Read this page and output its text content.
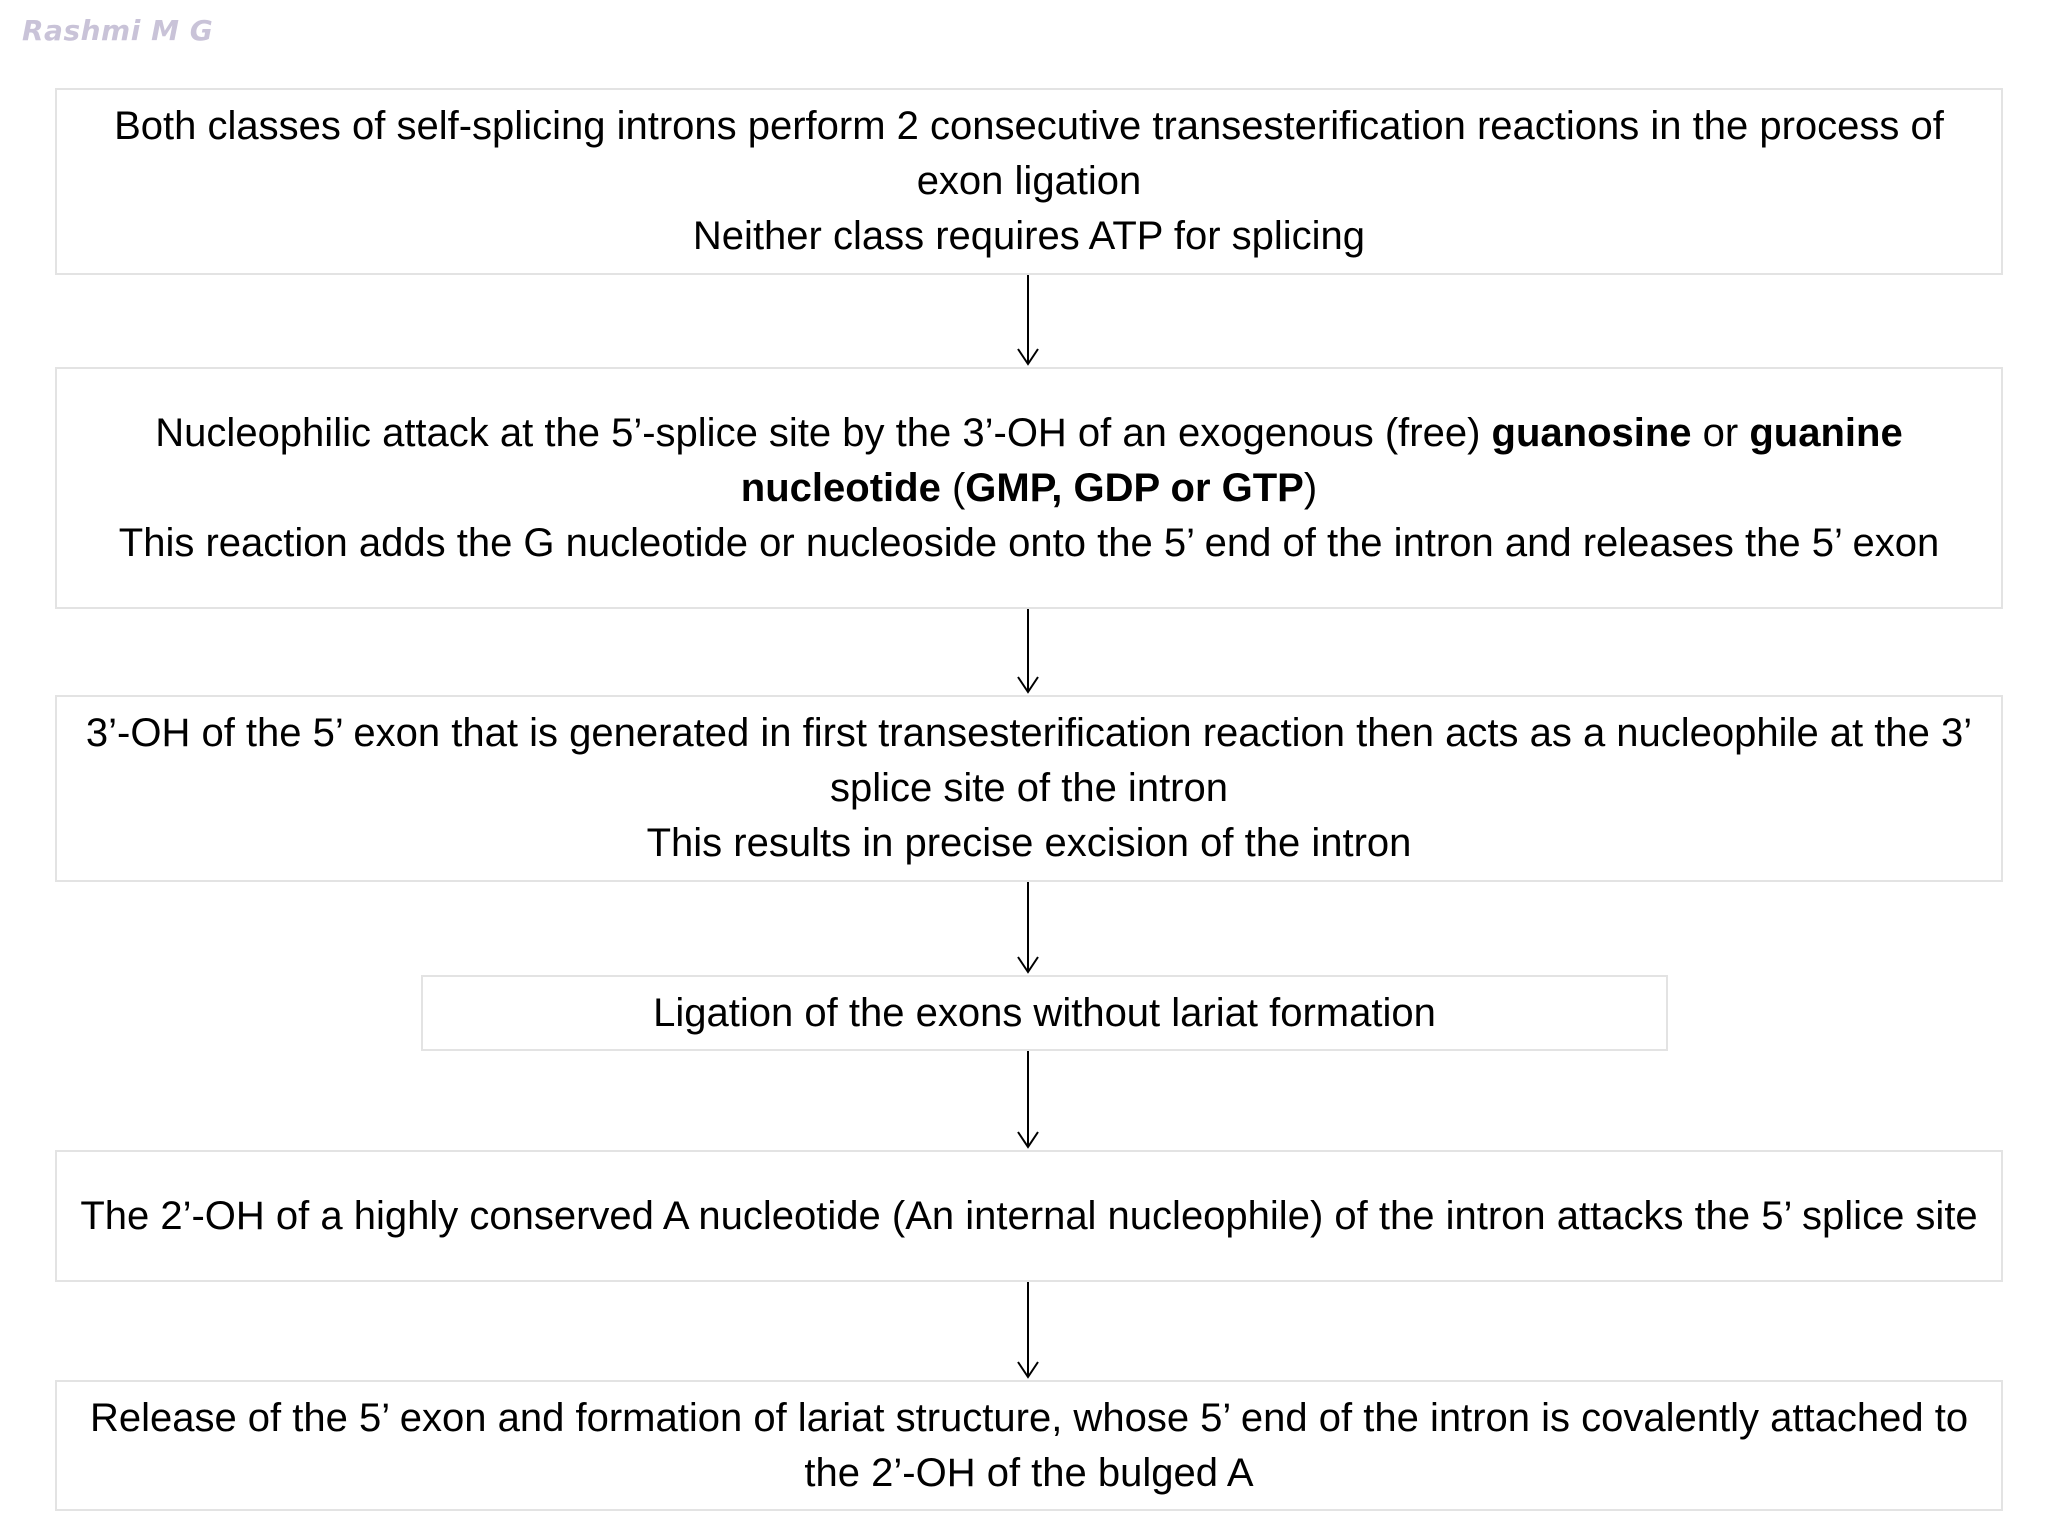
Rashmi M G
Both classes of self-splicing introns perform 2 consecutive transesterification reactions in the process of exon ligation
Neither class requires ATP for splicing
Nucleophilic attack at the 5’-splice site by the 3’-OH of an exogenous (free) guanosine or guanine nucleotide (GMP, GDP or GTP)
This reaction adds the G nucleotide or nucleoside onto the 5’ end of the intron and releases the 5’ exon
3’-OH of the 5’ exon that is generated in first transesterification reaction then acts as a nucleophile at the 3’ splice site of the intron
This results in precise excision of the intron
Ligation of the exons without lariat formation
The 2’-OH of a highly conserved A nucleotide (An internal nucleophile) of the intron attacks the 5’ splice site
Release of the 5’ exon and formation of lariat structure, whose 5’ end of the intron is covalently attached to the 2’-OH of the bulged A
